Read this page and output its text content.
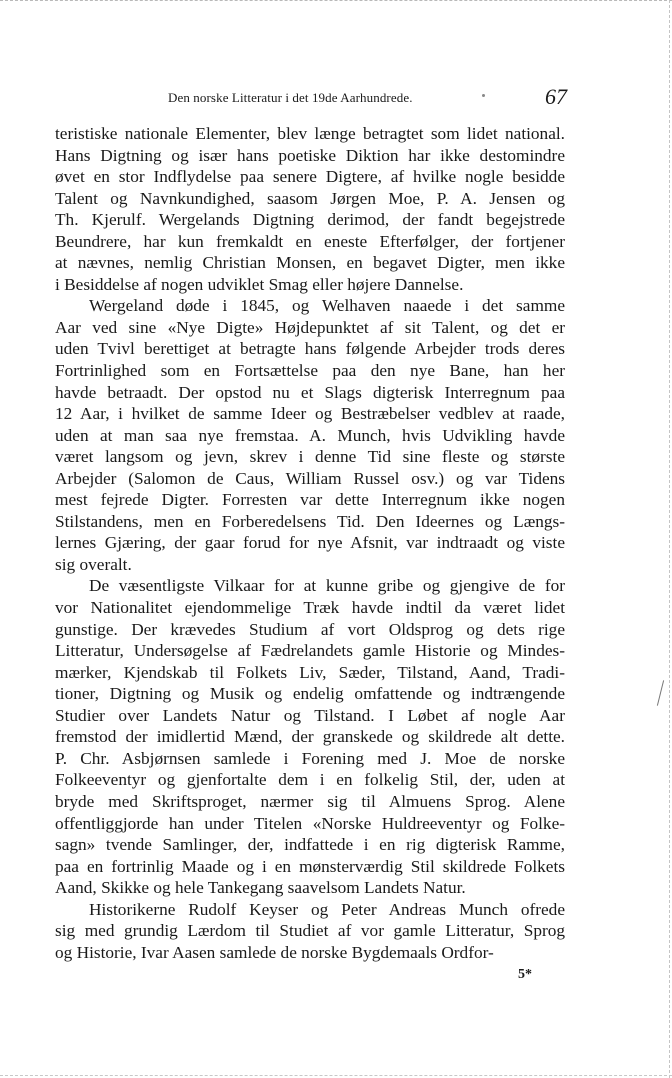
Den norske Litteratur i det 19de Aarhundrede.	67
teristiske nationale Elementer, blev længe betragtet som lidet national.
Hans Digtning og især hans poetiske Diktion har ikke destomindre
øvet en stor Indflydelse paa senere Digtere, af hvilke nogle besidde
Talent og Navnkundighed, saasom Jørgen Moe, P. A. Jensen og
Th. Kjerulf. Wergelands Digtning derimod, der fandt begejstrede
Beundrere, har kun fremkaldt en eneste Efterfølger, der fortjener
at nævnes, nemlig Christian Monsen, en begavet Digter, men ikke
i Besiddelse af nogen udviklet Smag eller højere Dannelse.
Wergeland døde i 1845, og Welhaven naaede i det samme
Aar ved sine «Nye Digte» Højdepunktet af sit Talent, og det er
uden Tvivl berettiget at betragte hans følgende Arbejder trods deres
Fortrinlighed som en Fortsættelse paa den nye Bane, han her
havde betraadt. Der opstod nu et Slags digterisk Interregnum paa
12 Aar, i hvilket de samme Ideer og Bestræbelser vedblev at raade,
uden at man saa nye fremstaa. A. Munch, hvis Udvikling havde
været langsom og jevn, skrev i denne Tid sine fleste og største
Arbejder (Salomon de Caus, William Russel osv.) og var Tidens
mest fejrede Digter. Forresten var dette Interregnum ikke nogen
Stilstandens, men en Forberedelsens Tid. Den Ideernes og Længs-
lernes Gjæring, der gaar forud for nye Afsnit, var indtraadt og viste
sig overalt.
De væsentligste Vilkaar for at kunne gribe og gjengive de for
vor Nationalitet ejendommelige Træk havde indtil da været lidet
gunstige. Der krævedes Studium af vort Oldsprog og dets rige
Litteratur, Undersøgelse af Fædrelandets gamle Historie og Mindes-
mærker, Kjendskab til Folkets Liv, Sæder, Tilstand, Aand, Tradi-
tioner, Digtning og Musik og endelig omfattende og indtrængende
Studier over Landets Natur og Tilstand. I Løbet af nogle Aar
fremstod der imidlertid Mænd, der granskede og skildrede alt dette.
P. Chr. Asbjørnsen samlede i Forening med J. Moe de norske
Folkeeventyr og gjenfortalte dem i en folkelig Stil, der, uden at
bryde med Skriftsproget, nærmer sig til Almuens Sprog. Alene
offentliggjorde han under Titelen «Norske Huldreeventyr og Folke-
sagn» tvende Samlinger, der, indfattede i en rig digterisk Ramme,
paa en fortrinlig Maade og i en mønsterværdig Stil skildrede Folkets
Aand, Skikke og hele Tankegang saavelsom Landets Natur.
Historikerne Rudolf Keyser og Peter Andreas Munch ofrede
sig med grundig Lærdom til Studiet af vor gamle Litteratur, Sprog
og Historie, Ivar Aasen samlede de norske Bygdemaals Ordfor-
5*
